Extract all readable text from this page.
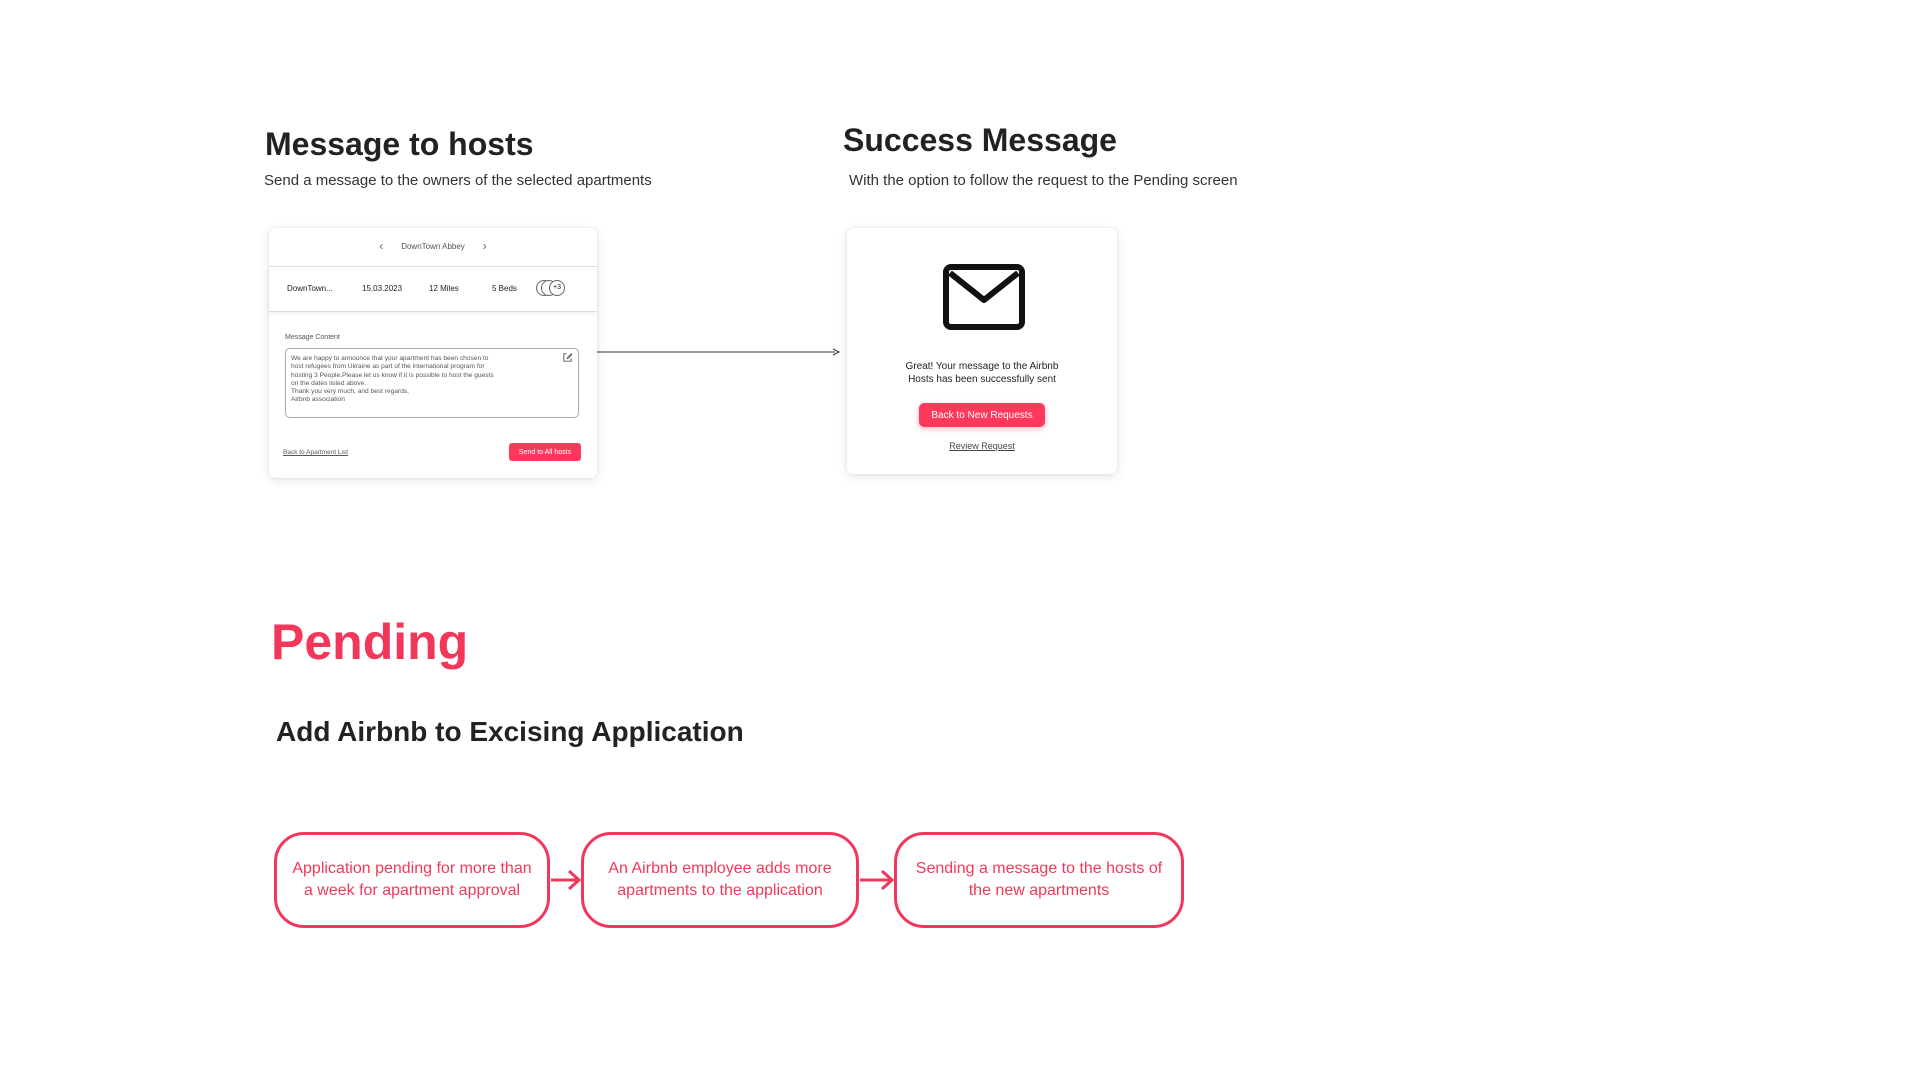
Message to hosts
Send a message to the owners of the selected apartments
Success Message
With the option to follow the request to the Pending screen
‹ DownTown Abbey ›
DownTown...	15.03.2023	12 Miles	5 Beds	+3
Message Content
We are happy to announce that your apartment has been chosen to
host refugees from Ukraine as part of the international program for
hosting 3 People.Please let us know if it is possible to host the guests
on the dates listed above.
Thank you very much, and best regards,
Airbnb association
Back to Apartment List	Send to All hosts
Great! Your message to the Airbnb
Hosts has been successfully sent
Back to New Requests
Review Request
Pending
Add Airbnb to Excising Application
Application pending for more than a week for apartment approval
An Airbnb employee adds more apartments to the application
Sending a message to the hosts of the new apartments
